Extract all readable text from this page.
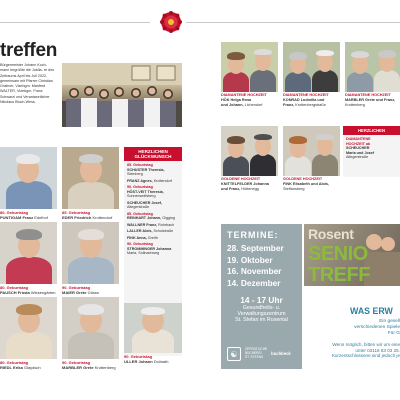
treffen
Bürgermeister Johann Koch- mann begrüßte die Jubila- re des Zeitraums April bis Juli 2022, gemeinsam mit Pfarrer Christian Grabner, Vizebgm. Manfred WALTER, Vizebgm. Franz Schwarzl und Verantwortlicher Nikolaus Bloch-Wess.
80. Geburtstag
PUNTIGAM Franz Edelhof
85. Geburtstag
EDER Friedrich Krottendorf
80. Geburtstag
PAUSCH Frieda Wiesengärten
90. Geburtstag
MAIER Grete Gössn
80. Geburtstag
RIEDL Erika Glaydsch
90. Geburtstag
MARBLER Grete Krottenberg
HERZLICHEN
GLÜCKWUNSCH
85. Geburtstag
SCHUSTER Theresia, Steinberg
FRANZ Agnes, Krottendorf
90. Geburtstag
HÖST-VEIT Theresia, Sonnenwolfsberg
SCHEUCHER Josef, Altegerstraße
85. Geburtstag
REINHART Johann, Gigging
WALLNER Franz, Rohrbach
LALLER Alois, Schulstraße
FINK Anna, Greith
90. Geburtstag
STROMMINGER Johanna Maria, Sollnachweg
90. Geburtstag
ULLER Johann Dolinath
DIAMANTENE HOCHZEIT
HÖK Helga Rosa
und Johann, Lichendorf
DIAMANTENE HOCHZEIT
KONRAD Ludmilla und
Franz, Krottenbergstraße
DIAMANTENE HOCHZEIT
MARBLER Grete und Franz,
Krottenberg
GOLDENE HOCHZEIT
KNITTELFELDER Johanna
und Franz, Hüttenegg
GOLDENE HOCHZEIT
FINK Elisabeth und Alois,
Steffansberg
HERZLICHEN
DIAMANTENE
HOCHZEIT ab
SCHEUCHER
Maria und Josef
Altegerstraße
TERMINE:
28. September
19. Oktober
16. November
14. Dezember
14 - 17 Uhr
Gesundheits- u.
Verwaltungszentrum
St. Stefan im Rosental
☯
ÖFFENTLICHE
BÜCHEREI
ST. STEFAN
buchbeck
Rosent
SENIO
TREFF
WAS ERW
Ein gesell
verschiedenen Spiele
Für G
Wenn möglich, bitten wir um eine
unter 03116 83 03 25.
Kurzentschlossene sind jedoch je
